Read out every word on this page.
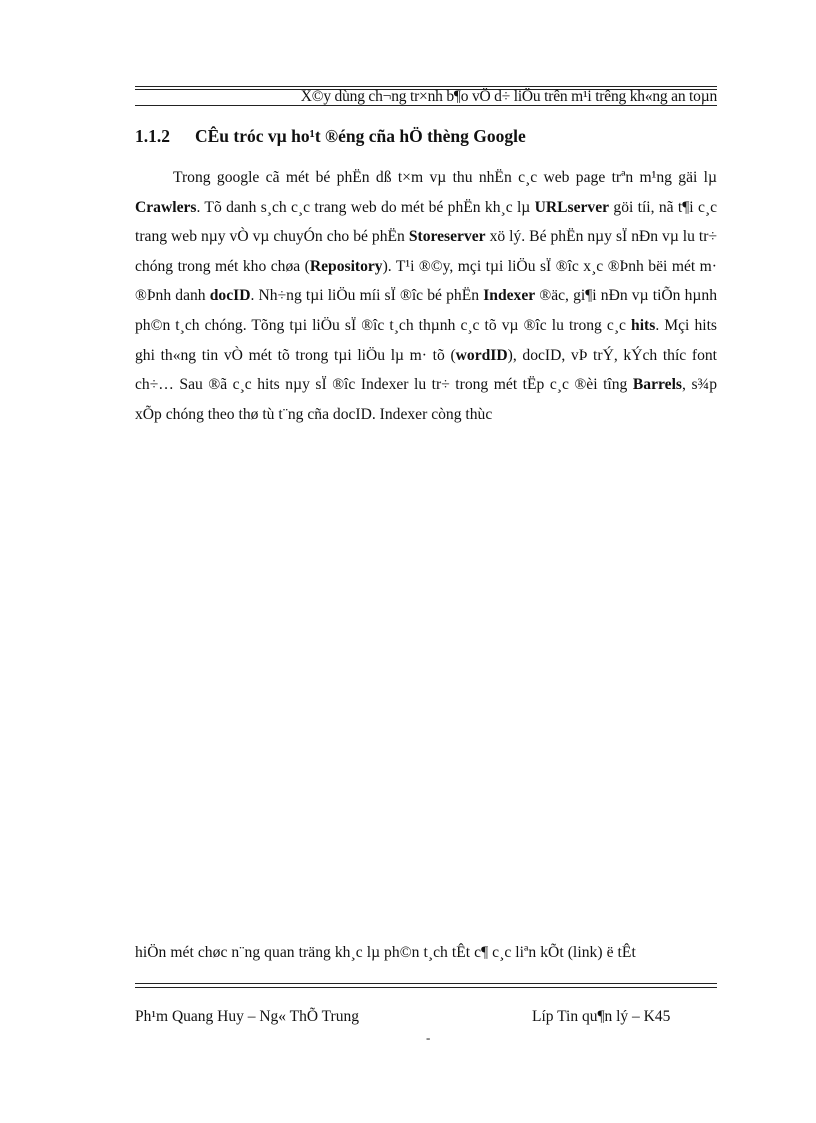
X©y dùng ch¬ng tr×nh b¶o vÖ d÷ liÖu trên m¹i trêng kh«ng an toµn
1.1.2 CÊu tróc vµ ho¹t ®éng cña hÖ thèng Google

Trong google cã mét bé phËn dß t×m vµ thu nhËn c¸c web page trªn m¹ng gäi lµ Crawlers. Tõ danh s¸ch c¸c trang web do mét bé phËn kh¸c lµ URLserver göi tíi, nã t¶i c¸c trang web nµy vÒ vµ chuyÓn cho bé phËn Storeserver xö lý. Bé phËn nµy sÏ nÐn vµ lu tr÷ chóng trong mét kho chøa (Repository). T¹i ®©y, mçi tµi liÖu sÏ ®îc x¸c ®Þnh bëi mét m· ®Þnh danh docID. Nh÷ng tµi liÖu míi sÏ ®îc bé phËn Indexer ®äc, gi¶i nÐn vµ tiÕn hµnh ph©n t¸ch chóng. Tõng tµi liÖu sÏ ®îc t¸ch thµnh c¸c tõ vµ ®îc lu trong c¸c hits. Mçi hits ghi th«ng tin vÒ mét tõ trong tµi liÖu lµ m· tõ (wordID), docID, vÞ trÝ, kÝch thíc font ch÷… Sau ®ã c¸c hits nµy sÏ ®îc Indexer lu tr÷ trong mét tËp c¸c ®èi tîng Barrels, s¾p xÕp chóng theo thø tù t¨ng cña docID. Indexer còng thùc

hiÖn mét chøc n¨ng quan träng kh¸c lµ ph©n t¸ch tÊt c¶ c¸c liªn kÕt (link) ë tÊt
Ph¹m Quang Huy – Ng« ThÕ Trung	Líp Tin qu¶n lý – K45
-
